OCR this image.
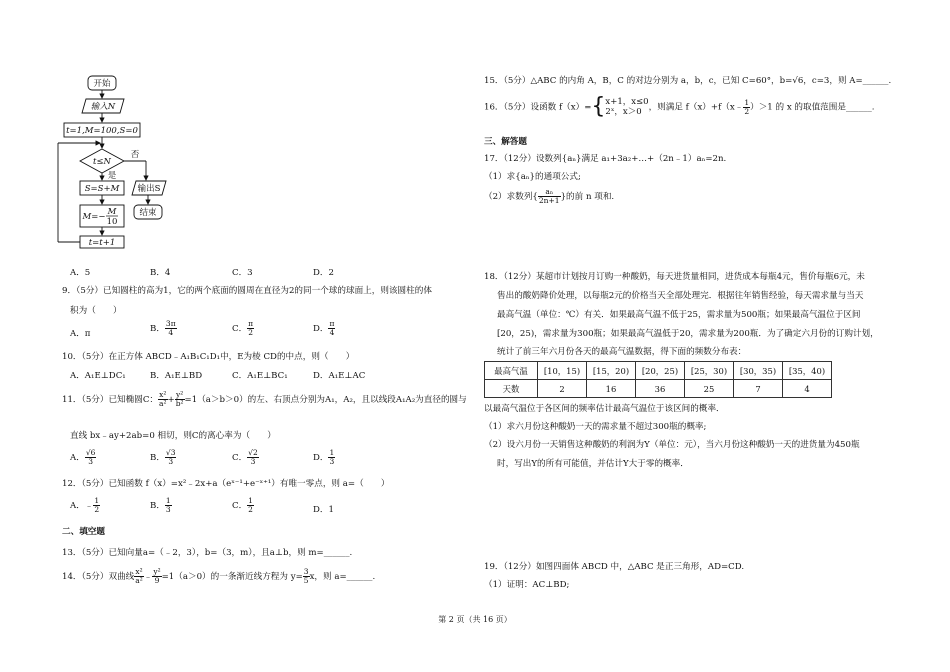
开始
输入N
t=1,M=100,S=0
t≤N
否
是
S=S+M
M=− M
10
输出S
结束
t=t+1
A．5	B．4	C．3	D．2
9．（5分）已知圆柱的高为1，它的两个底面的圆周在直径为2的同一个球的球面上，则该圆柱的体
积为（　　）
A．π	B． $\frac{3\pi}{4}$	C． $\frac{\pi}{2}$	D． $\frac{\pi}{4}$
10．（5分）在正方体 ABCD﹣A₁B₁C₁D₁中，E为棱 CD的中点，则（　　）
A．A₁E⊥DC₁	B．A₁E⊥BD	C．A₁E⊥BC₁	D．A₁E⊥AC
11．（5分）已知椭圆C： $\frac{\text{x²}}{\text{a²}} + \frac{\text{y²}}{\text{b²}} =1(a>b>0)$的左、右顶点分别为A₁，A₂，且以线段A₁A₂为直径的圆与
直线 bx﹣ay+2ab=0 相切，则C的离心率为（　　）
A． $\frac{√6}{3}$	B． $\frac{√3}{3}$	C． $\frac{√2}{3}$	D． $\frac{1}{3}$
12．（5分）已知函数 f（x）=x²﹣2x+a（eˣ⁻¹+e⁻ˣ⁺¹）有唯一零点，则 a=（　　）
A．﹣ $\frac{1}{2}$	B． $\frac{1}{3}$	C． $\frac{1}{2}$	D．1
二、填空题
13．（5分）已知向量a=（﹣2，3），b=（3，m），且a⊥b，则 m=______.
14．（5分）双曲线 $\frac{\text{x²}}{\text{a²}}$ ﹣ $\frac{\text{y²}}{9} =1(a>0)$的一条渐近线方程为 $y= \frac{3}{5}$ x，则 a=______.
15．（5分）△ABC 的内角 A，B，C 的对边分别为 a，b，c，已知 C=60°，b=√6，c=3，则 A=______.
16．（5分）设函数 f（x）={ x+1，x≤0
2ˣ，x＞0 ，则满足 f（x）+f（x﹣ $\frac{1}{2} )>1$ 的 x 的取值范围是______.
三、解答题
17．（12分）设数列{aₙ}满足 a₁+3a₂+…+（2n﹣1）aₙ=2n.
（1）求{aₙ}的通项公式;
（2）求数列{ $\frac{\text{aₙ}}{2n+1}$ }的前 n 项和.
18．（12分）某超市计划按月订购一种酸奶，每天进货量相同，进货成本每瓶4元，售价每瓶6元，未
售出的酸奶降价处理，以每瓶2元的价格当天全部处理完．根据往年销售经验，每天需求量与当天
最高气温（单位：℃）有关．如果最高气温不低于25，需求量为500瓶；如果最高气温位于区间
[20，25)，需求量为300瓶；如果最高气温低于20，需求量为200瓶．为了确定六月份的订购计划，
统计了前三年六月份各天的最高气温数据，得下面的频数分布表：
最高气温	[10，15)	[15，20)	[20，25)	[25，30)	[30，35)	[35，40)
天数	2	16	36	25	7	4
以最高气温位于各区间的频率估计最高气温位于该区间的概率．
（1）求六月份这种酸奶一天的需求量不超过300瓶的概率;
（2）设六月份一天销售这种酸奶的利润为Y（单位：元），当六月份这种酸奶一天的进货量为450瓶
时，写出Y的所有可能值，并估计Y大于零的概率．
19．（12分）如图四面体 ABCD 中，△ABC 是正三角形，AD=CD.
（1）证明：AC⊥BD;
第 2 页（共 16 页）
